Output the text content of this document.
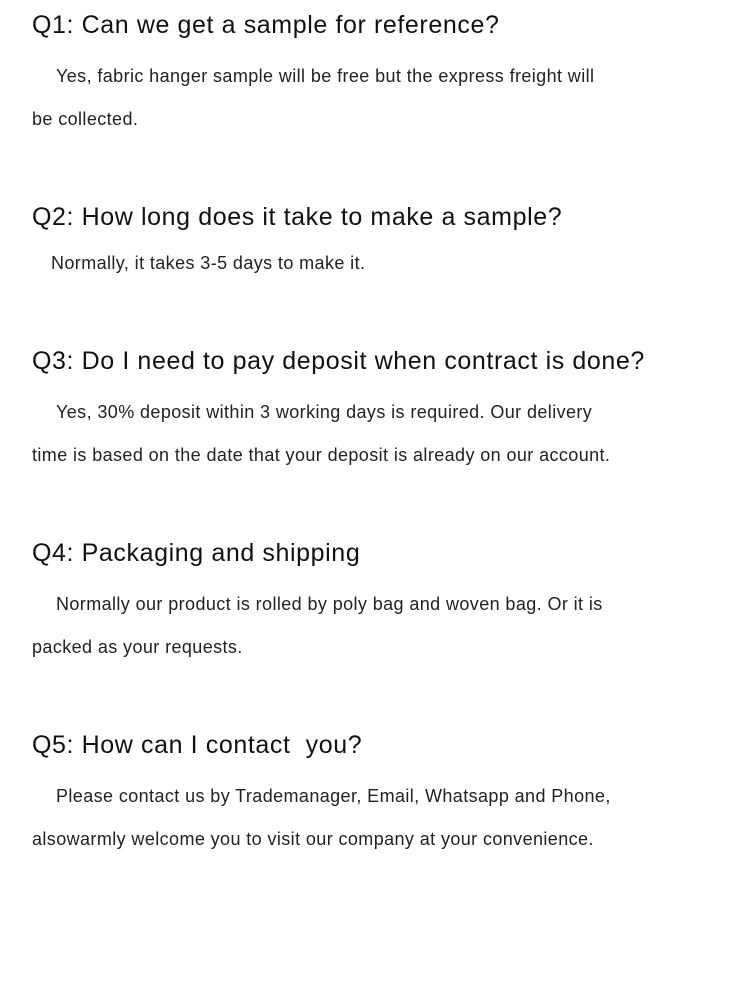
Q1: Can we get a sample for reference?
Yes, fabric hanger sample will be free but the express freight will
be collected.
Q2: How long does it take to make a sample?
Normally, it takes 3-5 days to make it.
Q3: Do I need to pay deposit when contract is done?
Yes, 30% deposit within 3 working days is required. Our delivery
time is based on the date that your deposit is already on our account.
Q4: Packaging and shipping
Normally our product is rolled by poly bag and woven bag. Or it is
packed as your requests.
Q5: How can I contact  you?
Please contact us by Trademanager, Email, Whatsapp and Phone,
alsowarmly welcome you to visit our company at your convenience.
